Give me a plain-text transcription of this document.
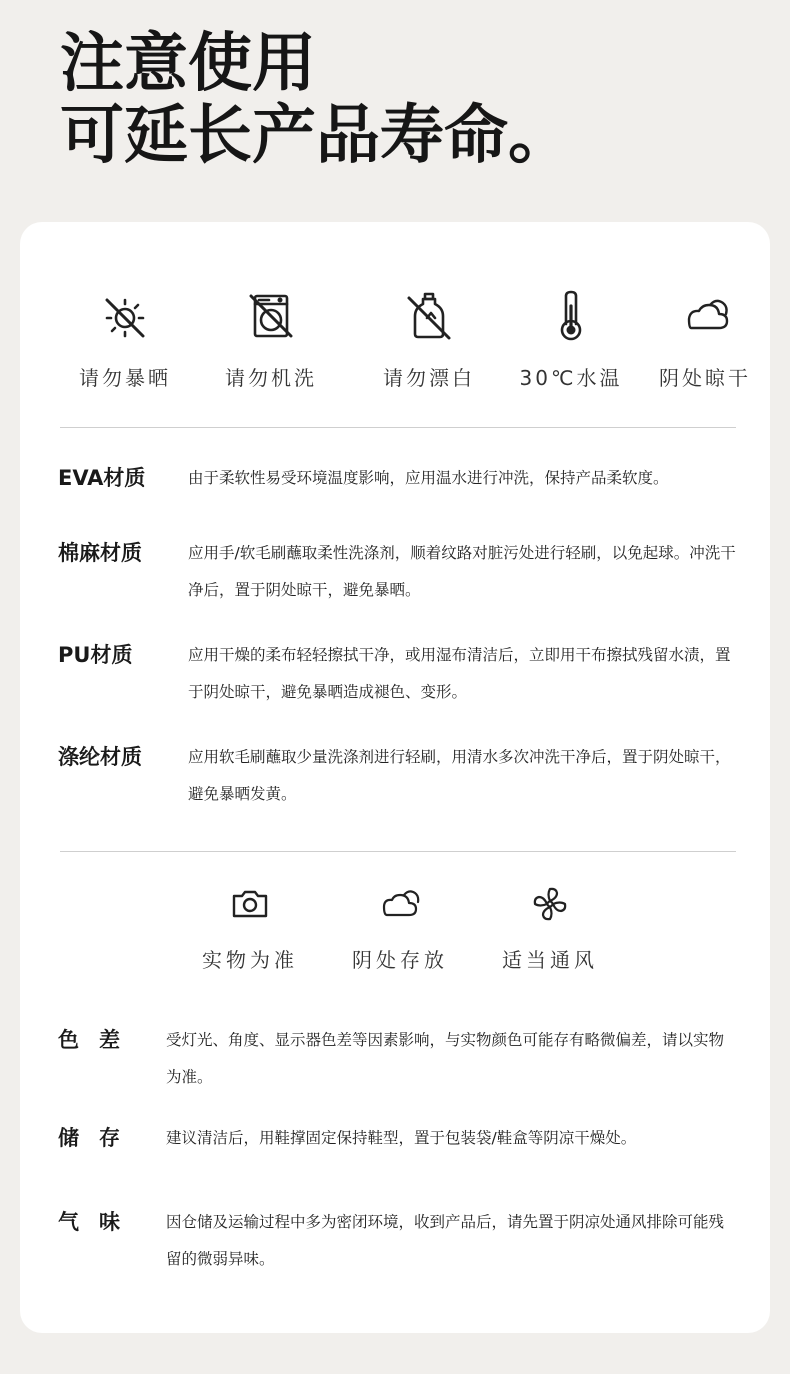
注意使用
可延长产品寿命。
请勿暴晒	请勿机洗	请勿漂白	30℃水温	阴处晾干
EVA材质	由于柔软性易受环境温度影响，应用温水进行冲洗，保持产品柔软度。
棉麻材质	应用手/软毛刷蘸取柔性洗涤剂，顺着纹路对脏污处进行轻刷，以免起球。冲洗干净后，置于阴处晾干，避免暴晒。
PU材质	应用干燥的柔布轻轻擦拭干净，或用湿布清洁后，立即用干布擦拭残留水渍，置于阴处晾干，避免暴晒造成褪色、变形。
涤纶材质	应用软毛刷蘸取少量洗涤剂进行轻刷，用清水多次冲洗干净后，置于阴处晾干，避免暴晒发黄。
实物为准	阴处存放	适当通风
色差 受灯光、角度、显示器色差等因素影响，与实物颜色可能存有略微偏差，请以实物为准。
储存 建议清洁后，用鞋撑固定保持鞋型，置于包装袋/鞋盒等阴凉干燥处。
气味 因仓储及运输过程中多为密闭环境，收到产品后，请先置于阴凉处通风排除可能残留的微弱异味。
